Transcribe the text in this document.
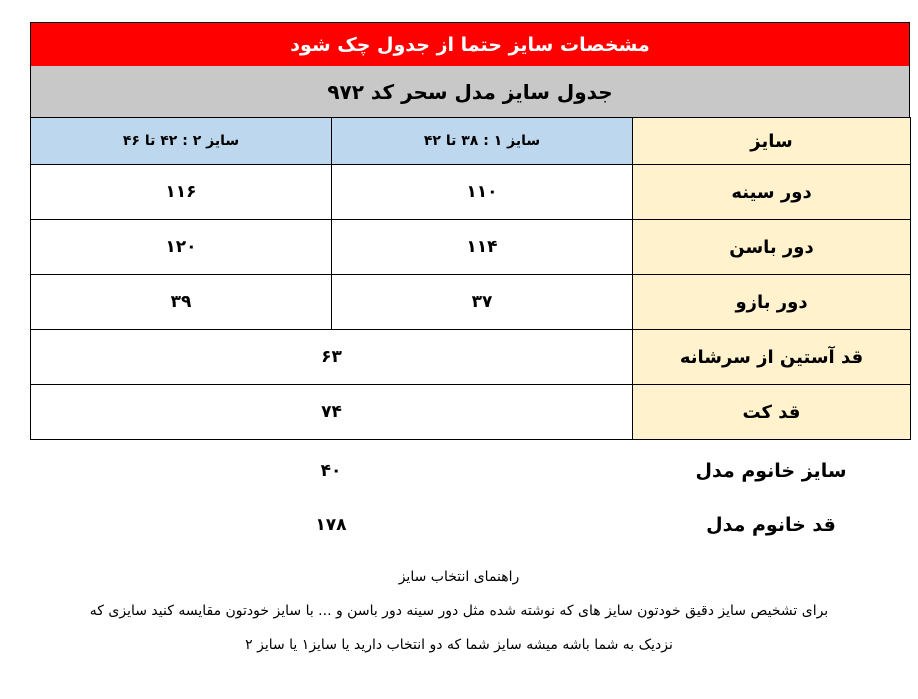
مشخصات سایز حتما از جدول چک شود
جدول سایز مدل سحر کد ۹۷۲
سایز	سایز ۱ : ۳۸ تا ۴۲	سایز ۲ : ۴۲ تا ۴۶
دور سینه	۱۱۰	۱۱۶
دور باسن	۱۱۴	۱۲۰
دور بازو	۳۷	۳۹
قد آستین از سرشانه	۶۳	
قد کت	۷۴	
سایز خانوم مدل
۴۰
قد خانوم مدل
۱۷۸
راهنمای انتخاب سایز
برای تشخیص سایز دقیق خودتون سایز های که نوشته شده مثل دور سینه دور باسن و ... با سایز خودتون مقایسه کنید سایزی که
نزدیک به شما باشه میشه سایز شما که دو انتخاب دارید یا سایز۱ یا سایز ۲
